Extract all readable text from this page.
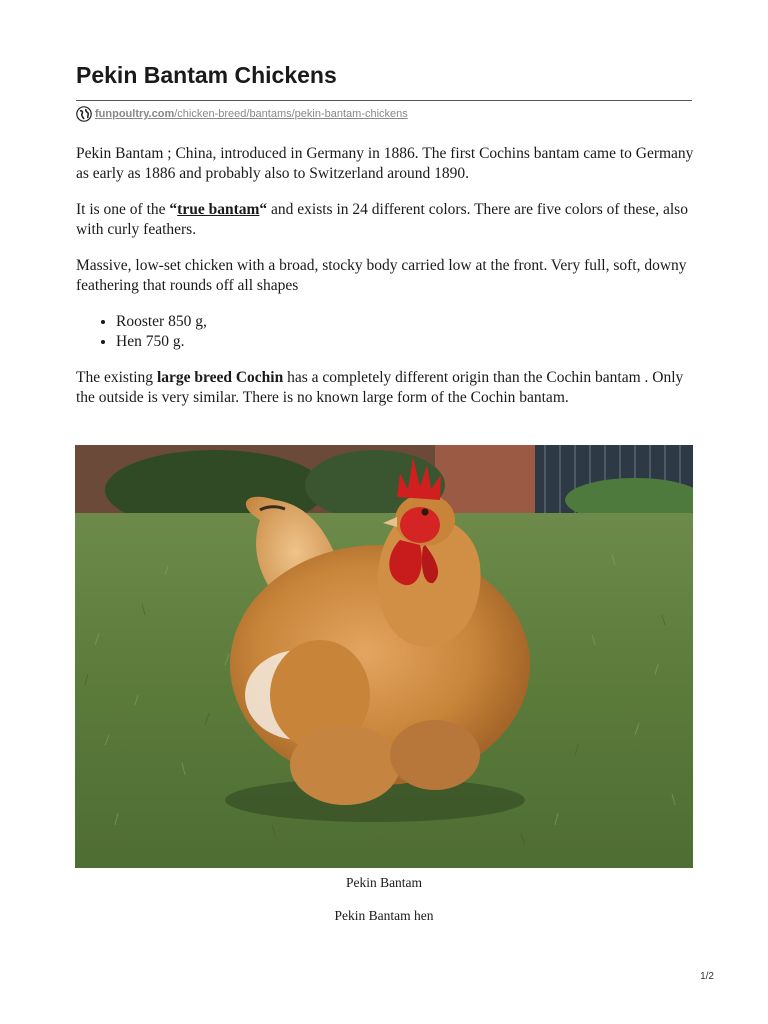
Pekin Bantam Chickens
funpoultry.com/chicken-breed/bantams/pekin-bantam-chickens

Pekin Bantam ; China, introduced in Germany in 1886. The first Cochins bantam came to Germany as early as 1886 and probably also to Switzerland around 1890.

It is one of the “true bantam“ and exists in 24 different colors. There are five colors of these, also with curly feathers.

Massive, low-set chicken with a broad, stocky body carried low at the front. Very full, soft, downy feathering that rounds off all shapes

• Rooster 850 g,
• Hen 750 g.

The existing large breed Cochin has a completely different origin than the Cochin bantam . Only the outside is very similar. There is no known large form of the Cochin bantam.

Pekin Bantam
Pekin Bantam hen
1/2
